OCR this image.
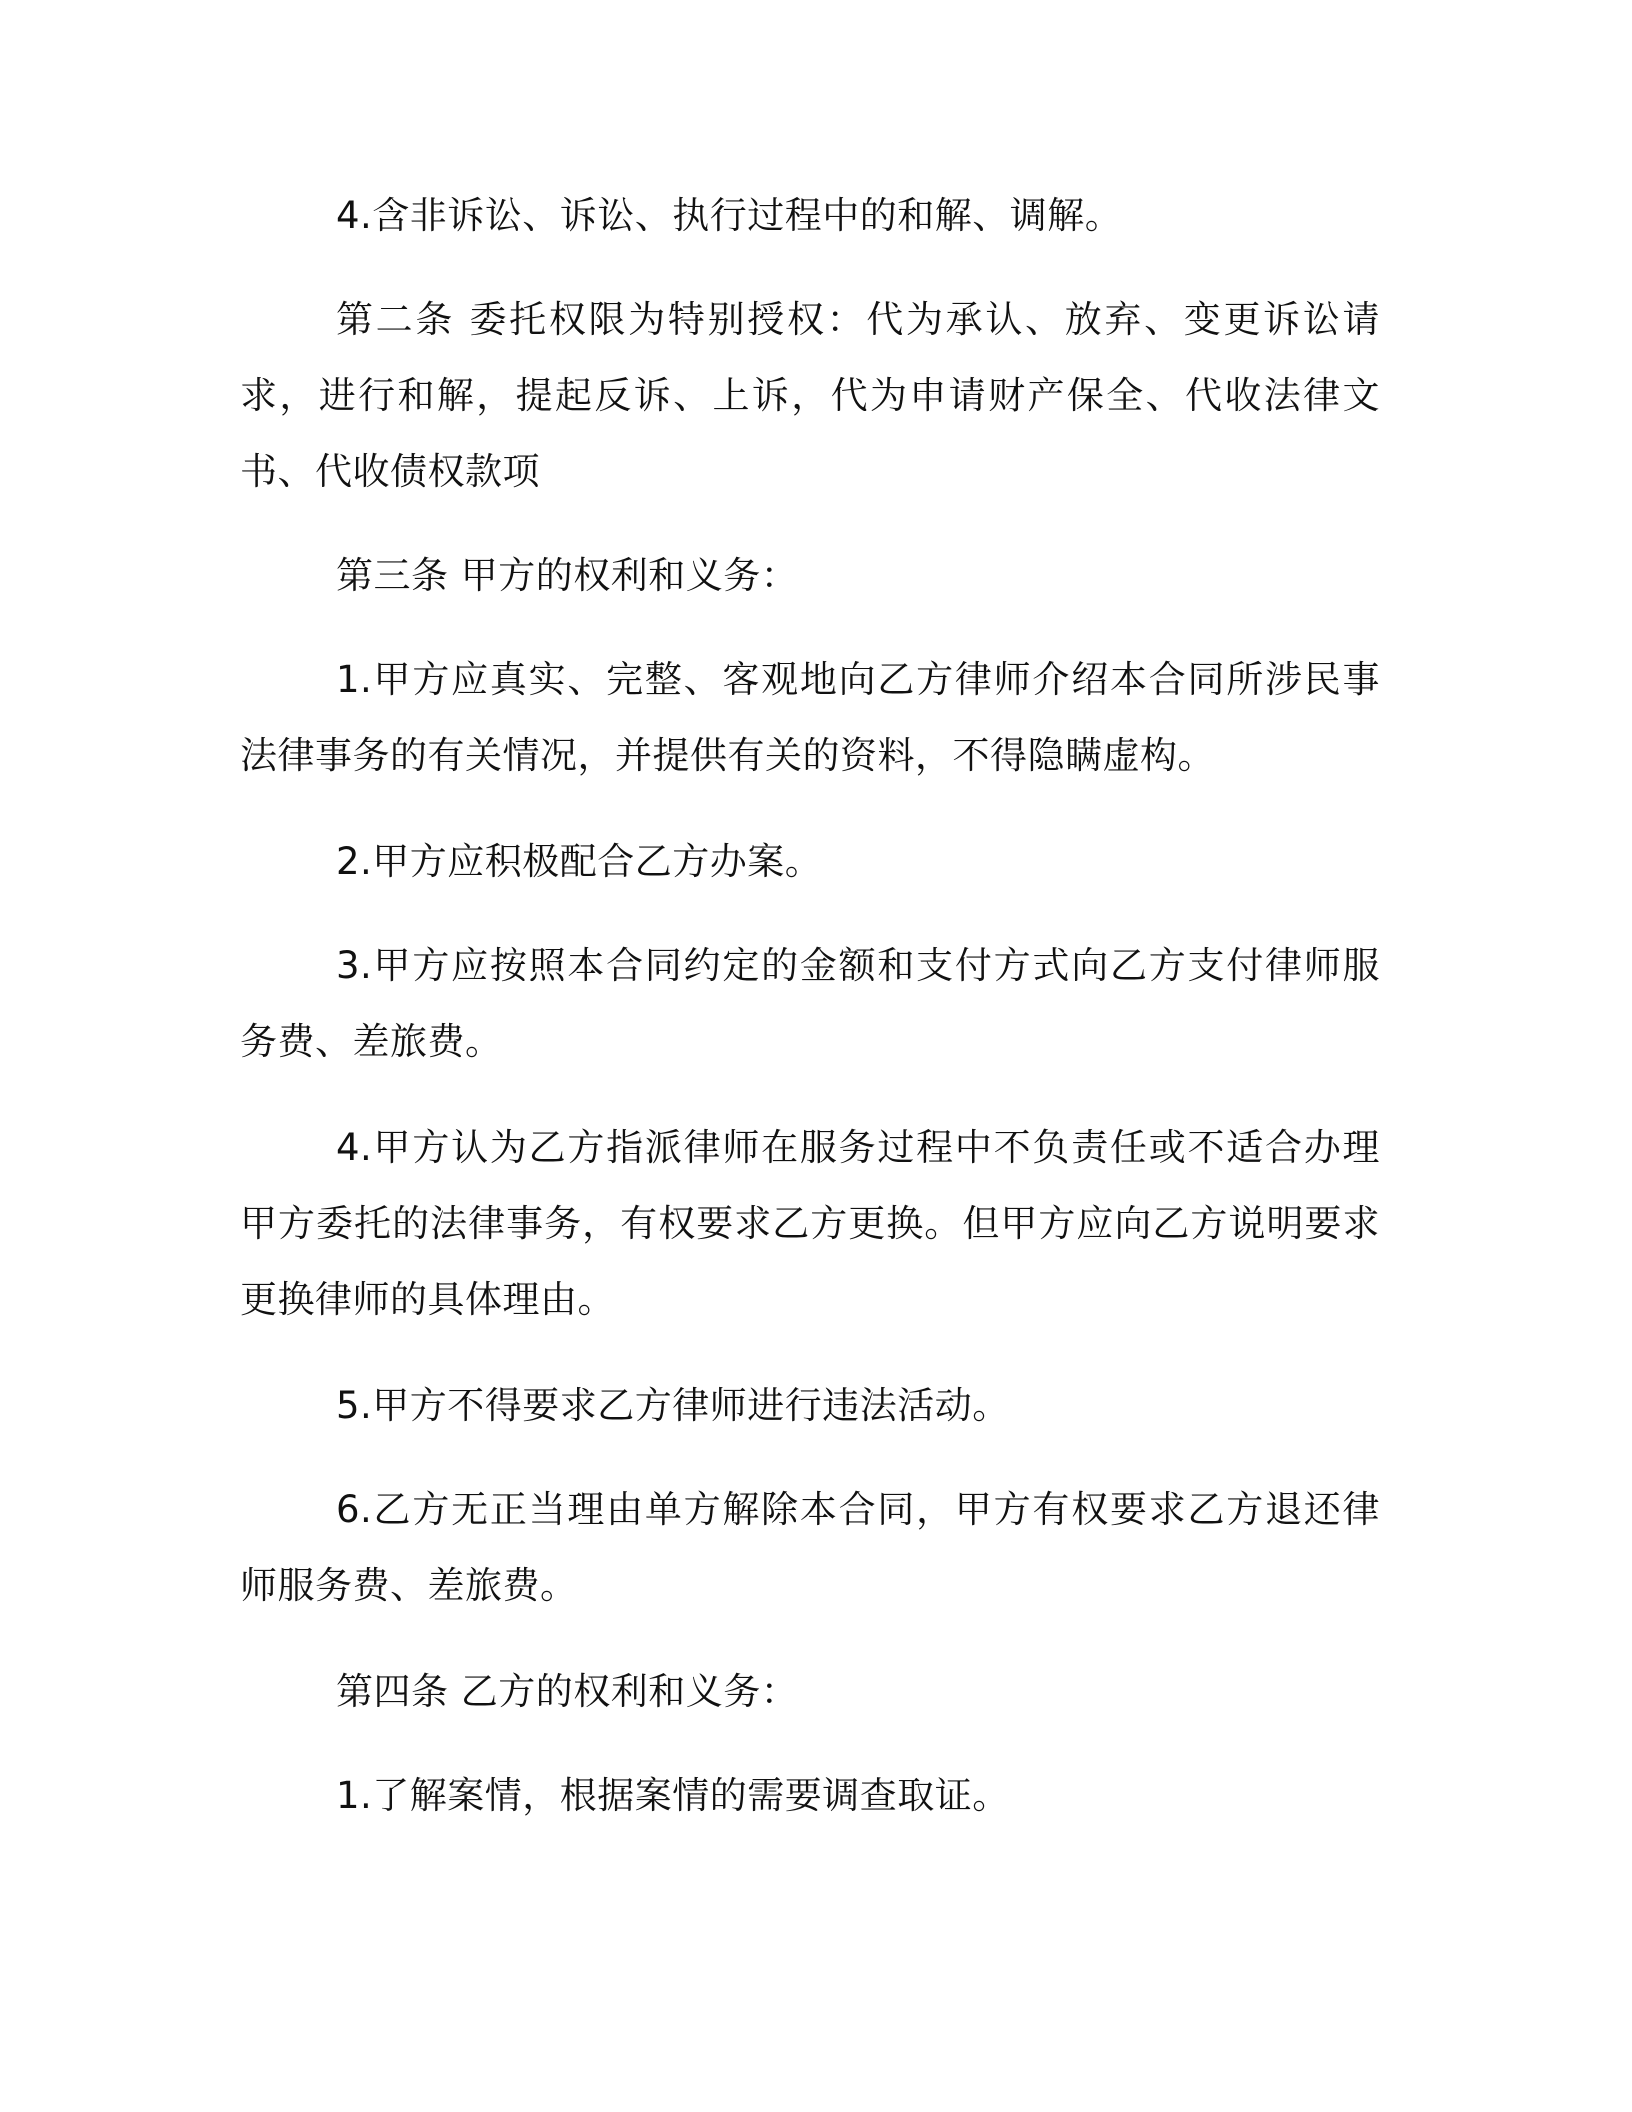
4.含非诉讼、诉讼、执行过程中的和解、调解。

第二条 委托权限为特别授权：代为承认、放弃、变更诉讼请求，进行和解，提起反诉、上诉，代为申请财产保全、代收法律文书、代收债权款项

第三条 甲方的权利和义务：

1.甲方应真实、完整、客观地向乙方律师介绍本合同所涉民事法律事务的有关情况，并提供有关的资料，不得隐瞒虚构。

2.甲方应积极配合乙方办案。

3.甲方应按照本合同约定的金额和支付方式向乙方支付律师服务费、差旅费。

4.甲方认为乙方指派律师在服务过程中不负责任或不适合办理甲方委托的法律事务，有权要求乙方更换。但甲方应向乙方说明要求更换律师的具体理由。

5.甲方不得要求乙方律师进行违法活动。

6.乙方无正当理由单方解除本合同，甲方有权要求乙方退还律师服务费、差旅费。

第四条 乙方的权利和义务：

1.了解案情，根据案情的需要调查取证。
